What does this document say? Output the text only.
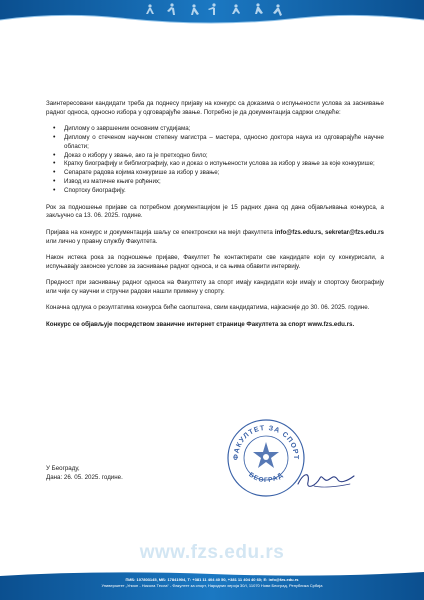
Заинтересовани кандидати треба да поднесу пријаву на конкурс са доказима о испуњености услова за заснивање радног односа, односно избора у одговарајуће звање. Потребно је да документација садржи следеће:

• Диплому о завршеним основним студијама;
• Диплому о стеченом научном степену магистра – мастера, односно доктора наука из одговарајуће научне области;
• Доказ о избору у звање, ако га је претходно било;
• Кратку биографију и библиографију, као и доказ о испуњености услова за избор у звање за које конкурише;
• Сепарате радова којима конкурише за избор у звање;
• Извод из матичне књиге рођених;
• Спортску биографију.

Рок за подношење пријаве са потребном документацијом је 15 радних дана од дана објављивања конкурса, а закључно са 13. 06. 2025. године.

Пријава на конкурс и документација шаљу се електронски на мејл факултета info@fzs.edu.rs, sekretar@fzs.edu.rs или лично у правну службу Факултета.

Након истека рока за подношење пријаве, Факултет ће контактирати све кандидате који су конкурисали, а испуњавају законске услове за заснивање радног односа, и са њима обавити интервију.

Предност при заснивању радног односа на Факултету за спорт имају кандидати који имају и спортску биографију или чији су научни и стручни радови нашли примену у спорту.

Коначна одлука о резултатима конкурса биће саопштена, свим кандидатима, најкасније до 30. 06. 2025. године.

Конкурс се објављује посредством званичне интернет странице Факултета за спорт www.fzs.edu.rs.

У Београду,
Дана: 26. 05. 2025. године.
ФАКУЛТЕТ ЗА СПОРТ
БЕОГРАД
www.fzs.edu.rs
ПИБ: 107803145, МБ: 17841904, Т: +381 11 404 40 50, +381 11 404 40 60; Е: info@fzs.edu.rs
Универзитет „Унион - Никола Тесла“ - Факултет за спорт, Народних хероја 30/I, 11070 Нови Београд, Република Србија
